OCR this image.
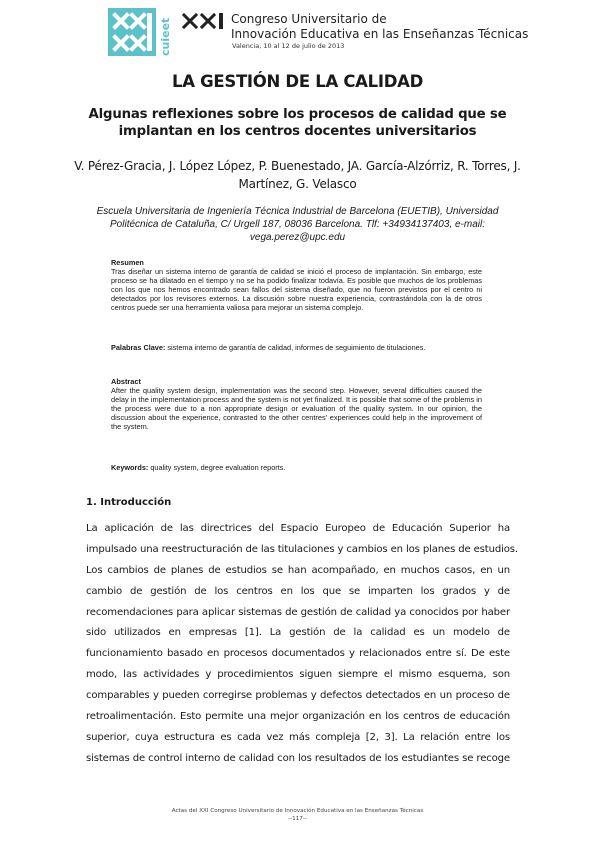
cuieet	Congreso Universitario de
Innovación Educativa en las Enseñanzas Técnicas
Valencia, 10 al 12 de julio de 2013
LA GESTIÓN DE LA CALIDAD
Algunas reflexiones sobre los procesos de calidad que se implantan en los centros docentes universitarios
V. Pérez-Gracia, J. López López, P. Buenestado, JA. García-Alzórriz, R. Torres, J. Martínez, G. Velasco
Escuela Universitaria de Ingeniería Técnica Industrial de Barcelona (EUETIB), Universidad Politécnica de Cataluña, C/ Urgell 187, 08036 Barcelona. Tlf: +34934137403, e-mail: vega.perez@upc.edu
Resumen
Tras diseñar un sistema interno de garantía de calidad se inició el proceso de implantación. Sin embargo, este proceso se ha dilatado en el tiempo y no se ha podido finalizar todavía. Es posible que muchos de los problemas con los que nos hemos encontrado sean fallos del sistema diseñado, que no fueron previstos por el centro ni detectados por los revisores externos. La discusión sobre nuestra experiencia, contrastándola con la de otros centros puede ser una herramienta valiosa para mejorar un sistema complejo.
Palabras Clave: sistema interno de garantía de calidad, informes de seguimiento de titulaciones.
Abstract
After the quality system design, implementation was the second step. However, several difficulties caused the delay in the implementation process and the system is not yet finalized. It is possible that some of the problems in the process were due to a non appropriate design or evaluation of the quality system. In our opinion, the discussion about the experience, contrasted to the other centres' experiences could help in the improvement of the system.
Keywords: quality system, degree evaluation reports.
1. Introducción
La aplicación de las directrices del Espacio Europeo de Educación Superior ha
impulsado una reestructuración de las titulaciones y cambios en los planes de estudios.
Los cambios de planes de estudios se han acompañado, en muchos casos, en un
cambio de gestión de los centros en los que se imparten los grados y de
recomendaciones para aplicar sistemas de gestión de calidad ya conocidos por haber
sido utilizados en empresas [1]. La gestión de la calidad es un modelo de
funcionamiento basado en procesos documentados y relacionados entre sí. De este
modo, las actividades y procedimientos siguen siempre el mismo esquema, son
comparables y pueden corregirse problemas y defectos detectados en un proceso de
retroalimentación. Esto permite una mejor organización en los centros de educación
superior, cuya estructura es cada vez más compleja [2, 3]. La relación entre los
sistemas de control interno de calidad con los resultados de los estudiantes se recoge
Actas del XXI Congreso Universitario de Innovación Educativa en las Enseñanzas Técnicas
--117--
